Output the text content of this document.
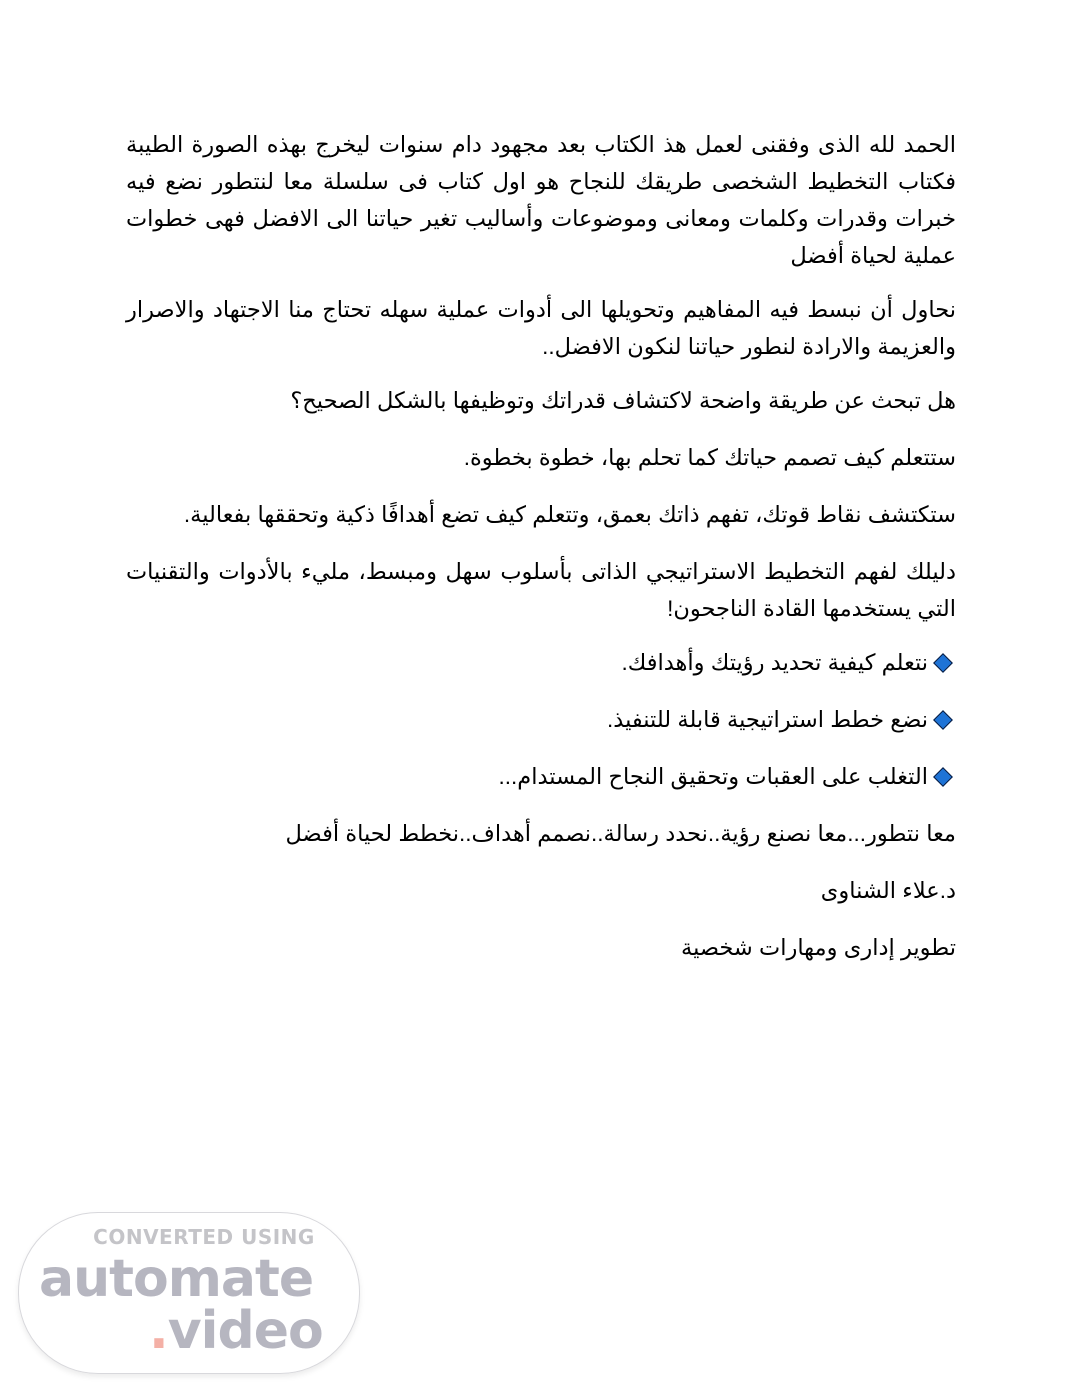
الحمد لله الذى وفقنى لعمل هذ الكتاب بعد مجهود دام سنوات ليخرج بهذه الصورة الطيبة فكتاب التخطيط الشخصى طريقك للنجاح هو اول كتاب فى سلسلة معا لنتطور نضع فيه خبرات وقدرات وكلمات ومعانى وموضوعات وأساليب تغير حياتنا الى الافضل فهى خطوات عملية لحياة أفضل

نحاول أن نبسط فيه المفاهيم وتحويلها الى أدوات عملية سهله تحتاج منا الاجتهاد والاصرار والعزيمة والارادة لنطور حياتنا لنكون الافضل..

هل تبحث عن طريقة واضحة لاكتشاف قدراتك وتوظيفها بالشكل الصحيح؟

ستتعلم كيف تصمم حياتك كما تحلم بها، خطوة بخطوة.

ستكتشف نقاط قوتك، تفهم ذاتك بعمق، وتتعلم كيف تضع أهدافًا ذكية وتحققها بفعالية.

دليلك لفهم التخطيط الاستراتيجي الذاتى بأسلوب سهل ومبسط، مليء بالأدوات والتقنيات التي يستخدمها القادة الناجحون!

نتعلم كيفية تحديد رؤيتك وأهدافك.
نضع خطط استراتيجية قابلة للتنفيذ.
التغلب على العقبات وتحقيق النجاح المستدام...

معا نتطور...معا نصنع رؤية..نحدد رسالة..نصمم أهداف..نخطط لحياة أفضل

د.علاء الشناوى

تطوير إدارى ومهارات شخصية

CONVERTED USING
automate
.video
